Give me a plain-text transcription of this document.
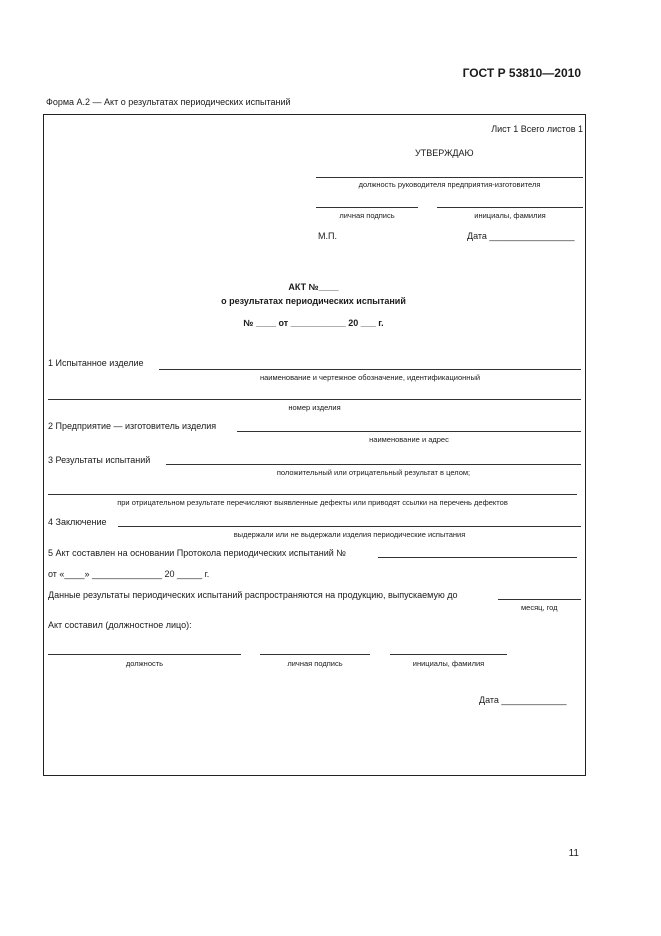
ГОСТ Р 53810—2010
Форма А.2 — Акт о результатах периодических испытаний
Лист 1 Всего листов 1
УТВЕРЖДАЮ
должность руководителя предприятия-изготовителя
личная подпись	инициалы, фамилия
М.П.	Дата _________________
АКТ №____
о результатах периодических испытаний
№ ____ от ___________ 20 ___ г.
1 Испытанное изделие
наименование и чертежное обозначение, идентификационный
номер изделия
2 Предприятие — изготовитель изделия
наименование и адрес
3 Результаты испытаний
положительный или отрицательный результат в целом;
при отрицательном результате перечисляют выявленные дефекты или приводят ссылки на перечень дефектов
4 Заключение
выдержали или не выдержали изделия периодические испытания
5 Акт составлен на основании Протокола периодических испытаний №
от «____» ______________ 20 _____ г.
Данные результаты периодических испытаний распространяются на продукцию, выпускаемую до
месяц, год
Акт составил (должностное лицо):
должность	личная подпись	инициалы, фамилия
Дата _____________
11
